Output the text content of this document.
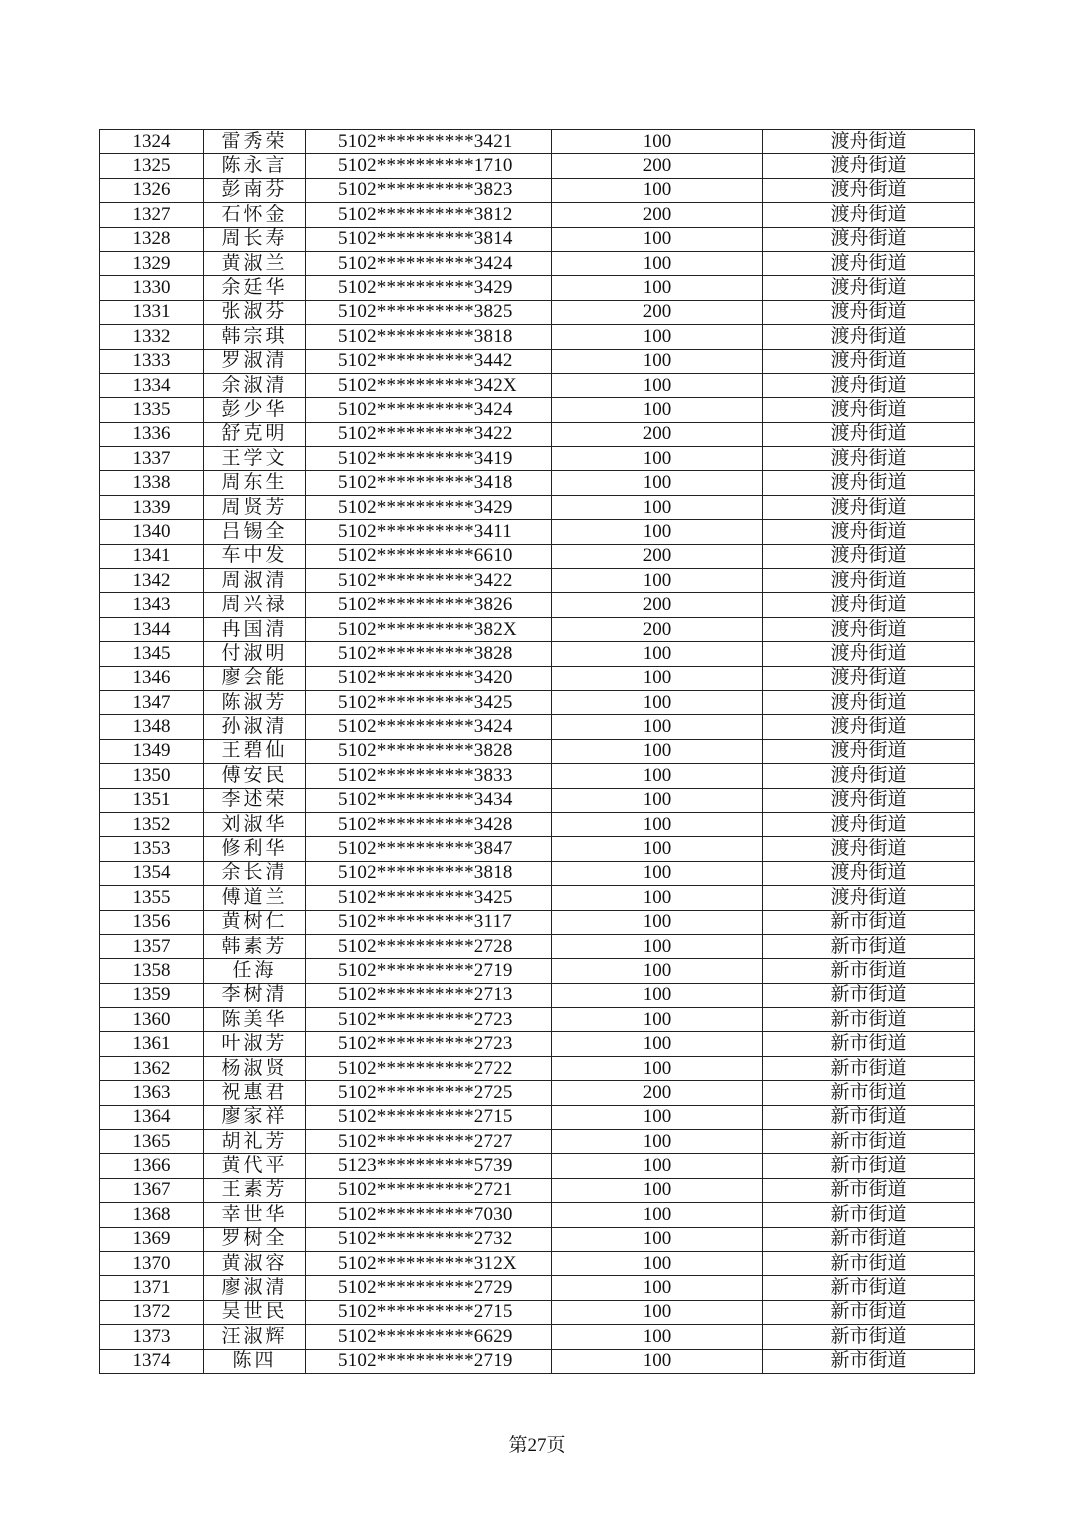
1324	雷秀荣	5102**********3421	100	渡舟街道
1325	陈永言	5102**********1710	200	渡舟街道
1326	彭南芬	5102**********3823	100	渡舟街道
1327	石怀金	5102**********3812	200	渡舟街道
1328	周长寿	5102**********3814	100	渡舟街道
1329	黄淑兰	5102**********3424	100	渡舟街道
1330	余廷华	5102**********3429	100	渡舟街道
1331	张淑芬	5102**********3825	200	渡舟街道
1332	韩宗琪	5102**********3818	100	渡舟街道
1333	罗淑清	5102**********3442	100	渡舟街道
1334	余淑清	5102**********342X	100	渡舟街道
1335	彭少华	5102**********3424	100	渡舟街道
1336	舒克明	5102**********3422	200	渡舟街道
1337	王学文	5102**********3419	100	渡舟街道
1338	周东生	5102**********3418	100	渡舟街道
1339	周贤芳	5102**********3429	100	渡舟街道
1340	吕锡全	5102**********3411	100	渡舟街道
1341	车中发	5102**********6610	200	渡舟街道
1342	周淑清	5102**********3422	100	渡舟街道
1343	周兴禄	5102**********3826	200	渡舟街道
1344	冉国清	5102**********382X	200	渡舟街道
1345	付淑明	5102**********3828	100	渡舟街道
1346	廖会能	5102**********3420	100	渡舟街道
1347	陈淑芳	5102**********3425	100	渡舟街道
1348	孙淑清	5102**********3424	100	渡舟街道
1349	王碧仙	5102**********3828	100	渡舟街道
1350	傅安民	5102**********3833	100	渡舟街道
1351	李述荣	5102**********3434	100	渡舟街道
1352	刘淑华	5102**********3428	100	渡舟街道
1353	修利华	5102**********3847	100	渡舟街道
1354	余长清	5102**********3818	100	渡舟街道
1355	傅道兰	5102**********3425	100	渡舟街道
1356	黄树仁	5102**********3117	100	新市街道
1357	韩素芳	5102**********2728	100	新市街道
1358	任海	5102**********2719	100	新市街道
1359	李树清	5102**********2713	100	新市街道
1360	陈美华	5102**********2723	100	新市街道
1361	叶淑芳	5102**********2723	100	新市街道
1362	杨淑贤	5102**********2722	100	新市街道
1363	祝惠君	5102**********2725	200	新市街道
1364	廖家祥	5102**********2715	100	新市街道
1365	胡礼芳	5102**********2727	100	新市街道
1366	黄代平	5123**********5739	100	新市街道
1367	王素芳	5102**********2721	100	新市街道
1368	幸世华	5102**********7030	100	新市街道
1369	罗树全	5102**********2732	100	新市街道
1370	黄淑容	5102**********312X	100	新市街道
1371	廖淑清	5102**********2729	100	新市街道
1372	吴世民	5102**********2715	100	新市街道
1373	汪淑辉	5102**********6629	100	新市街道
1374	陈四	5102**********2719	100	新市街道
第27页
